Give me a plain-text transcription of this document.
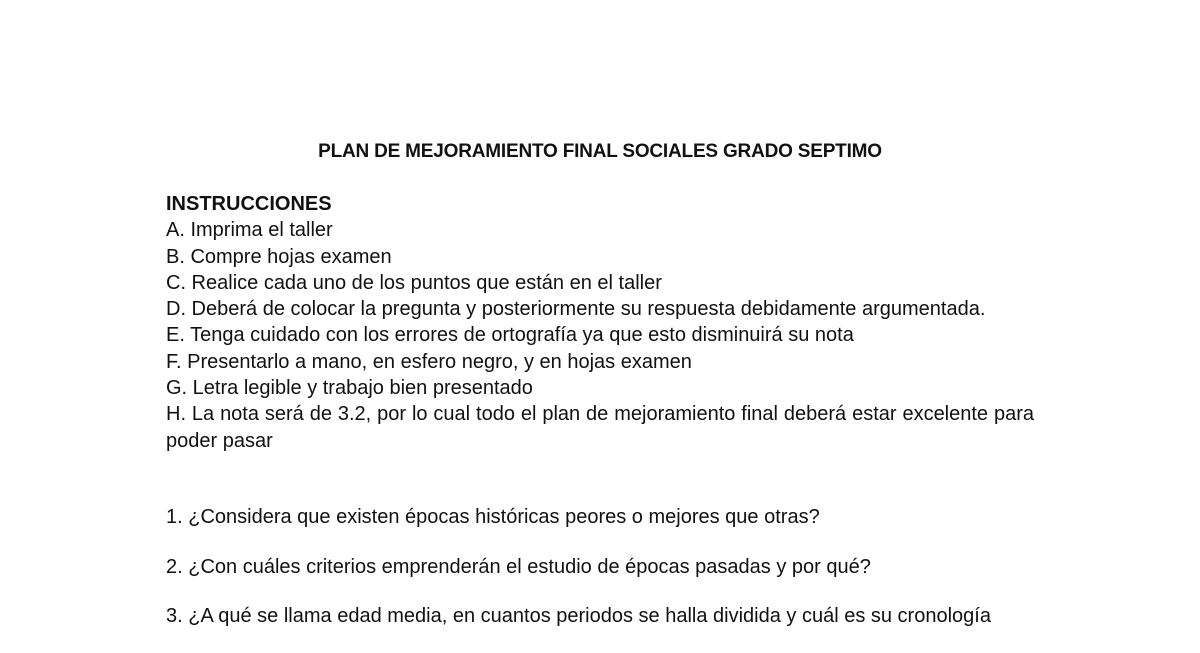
PLAN DE MEJORAMIENTO FINAL SOCIALES GRADO SEPTIMO

INSTRUCCIONES

A. Imprima el taller
B. Compre hojas examen
C. Realice cada uno de los puntos que están en el taller
D. Deberá de colocar la pregunta y posteriormente su respuesta debidamente argumentada.
E. Tenga cuidado con los errores de ortografía ya que esto disminuirá su nota
F. Presentarlo a mano, en esfero negro, y en hojas examen
G. Letra legible y trabajo bien presentado
H. La nota será de 3.2, por lo cual todo el plan de mejoramiento final deberá estar excelente para poder pasar
1. ¿Considera que existen épocas históricas peores o mejores que otras?
2. ¿Con cuáles criterios emprenderán el estudio de épocas pasadas y por qué?
3. ¿A qué se llama edad media, en cuantos periodos se halla dividida y cuál es su cronología
